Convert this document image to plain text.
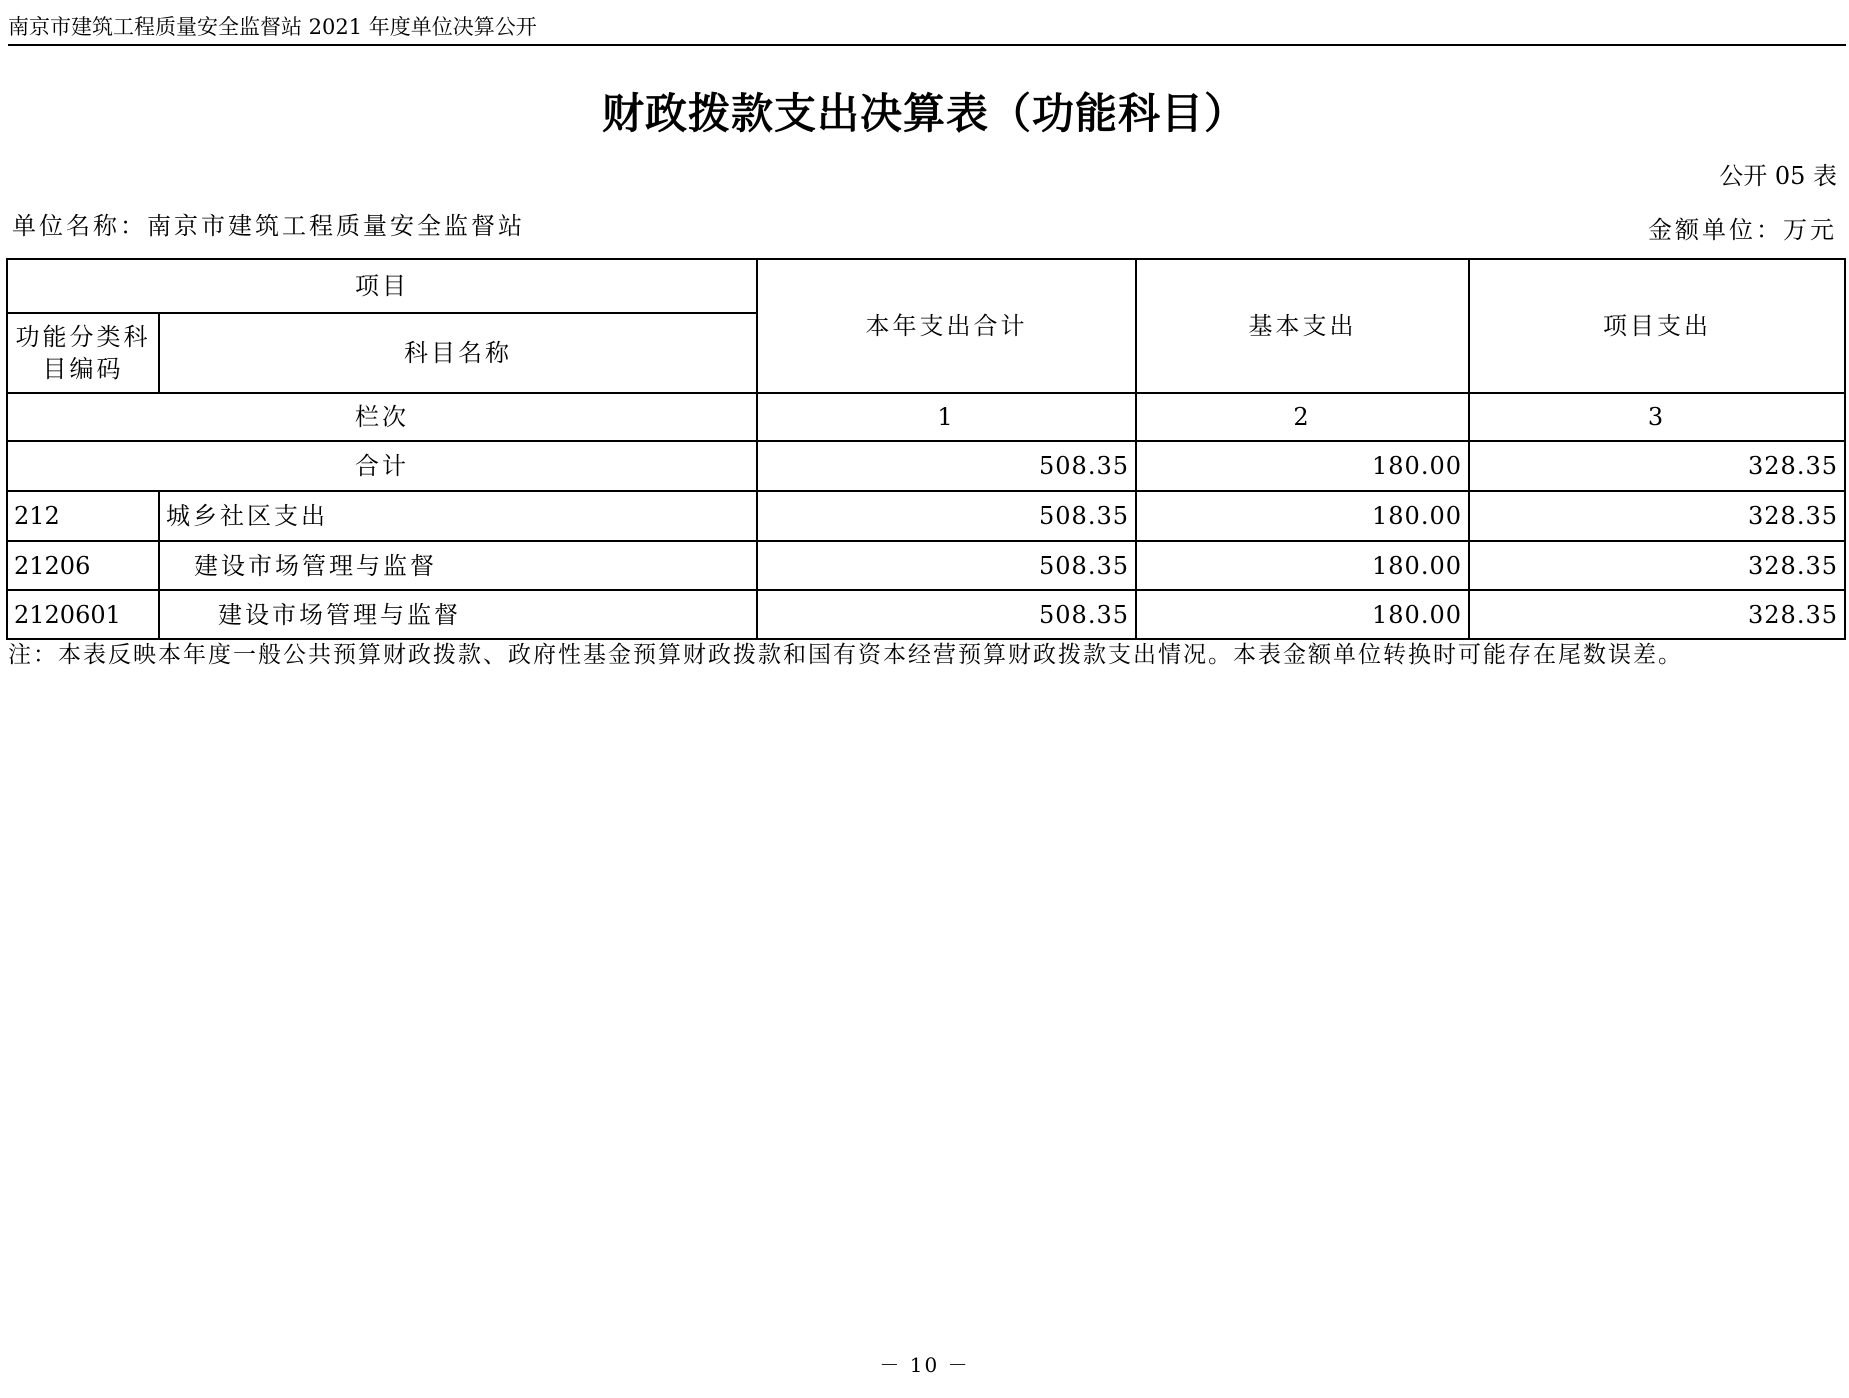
南京市建筑工程质量安全监督站 2021 年度单位决算公开
财政拨款支出决算表（功能科目）
公开 05 表
单位名称：南京市建筑工程质量安全监督站	金额单位：万元
项目		本年支出合计	基本支出	项目支出
功能分类科目编码	科目名称			
栏次		1	2	3
合计		508.35	180.00	328.35
212	城乡社区支出	508.35	180.00	328.35
21206	建设市场管理与监督	508.35	180.00	328.35
2120601	建设市场管理与监督	508.35	180.00	328.35
注：本表反映本年度一般公共预算财政拨款、政府性基金预算财政拨款和国有资本经营预算财政拨款支出情况。本表金额单位转换时可能存在尾数误差。
－ 10 －
